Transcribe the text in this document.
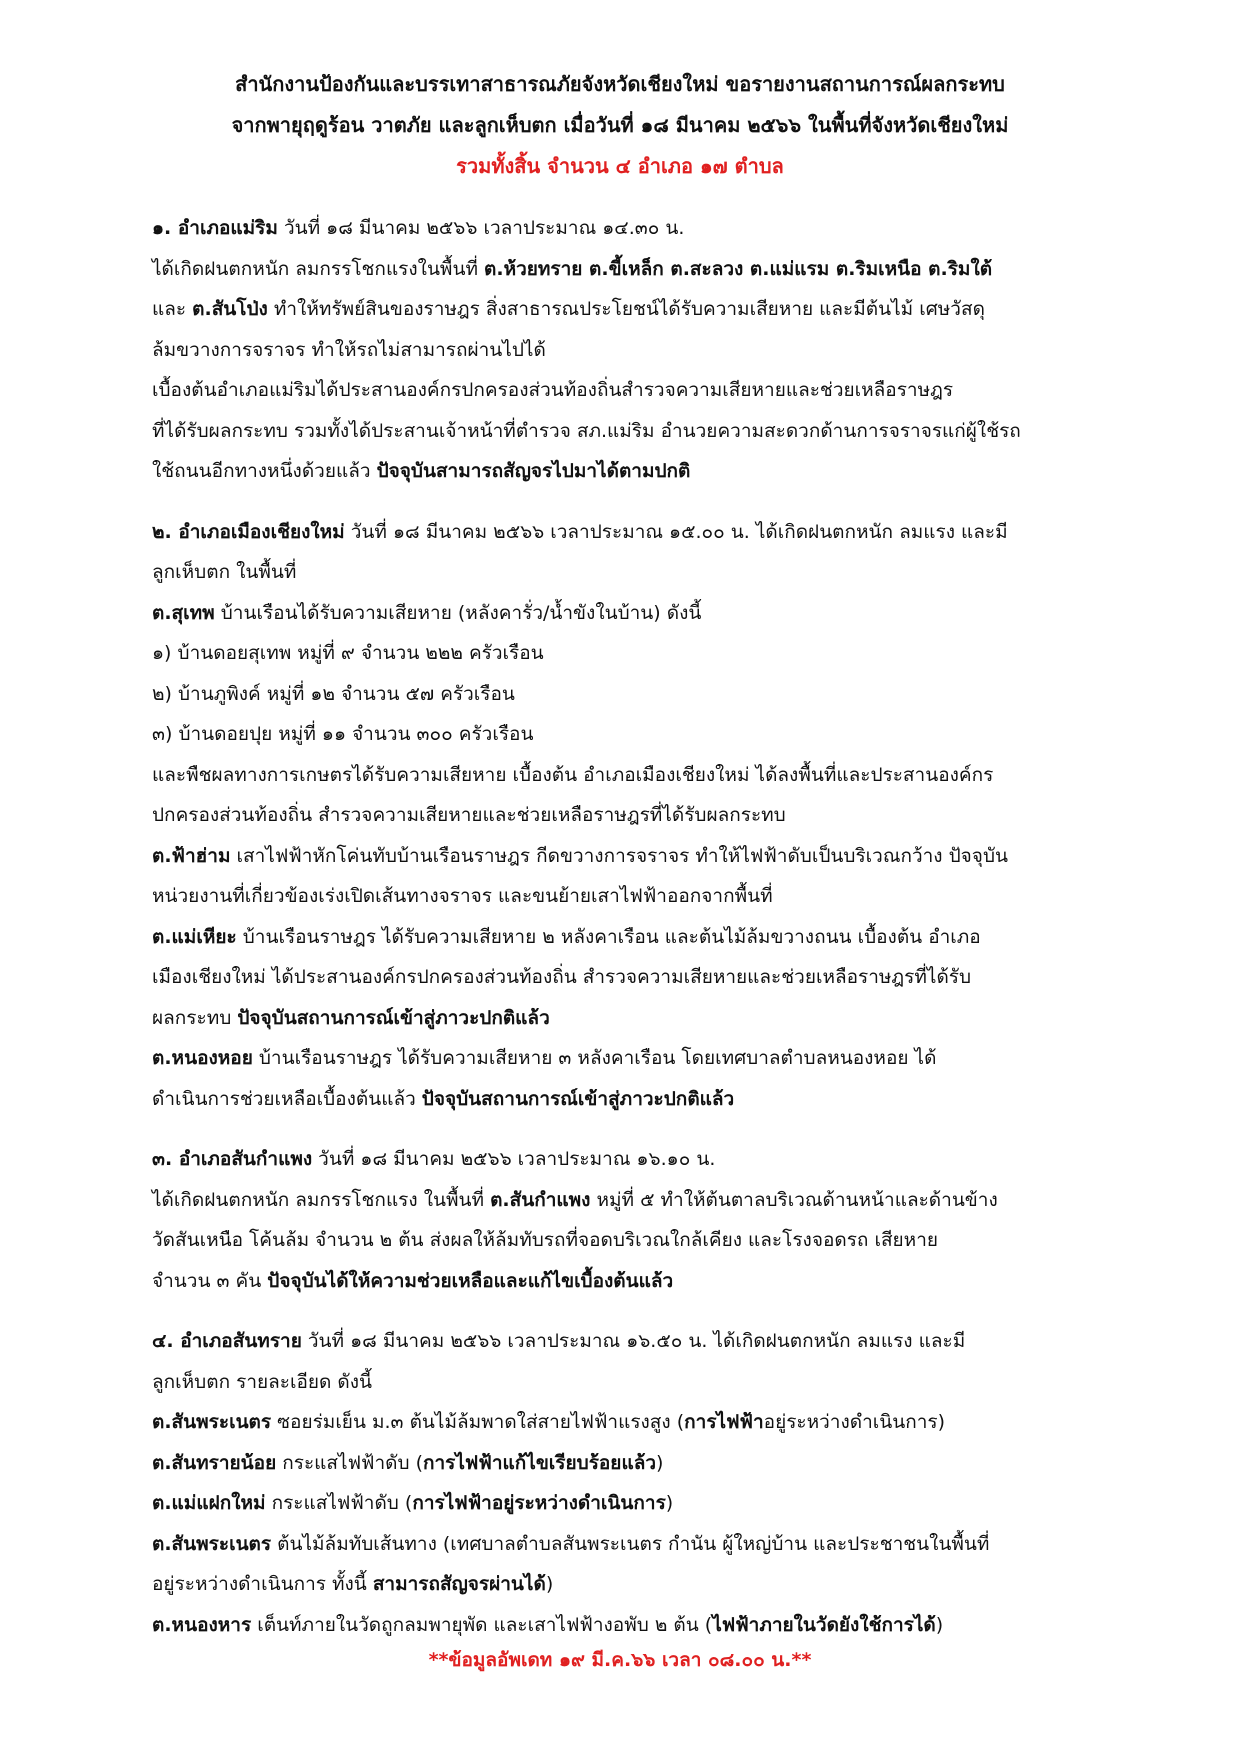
สำนักงานป้องกันและบรรเทาสาธารณภัยจังหวัดเชียงใหม่ ขอรายงานสถานการณ์ผลกระทบ
จากพายุฤดูร้อน วาตภัย และลูกเห็บตก เมื่อวันที่ ๑๘ มีนาคม ๒๕๖๖ ในพื้นที่จังหวัดเชียงใหม่
รวมทั้งสิ้น จำนวน ๔ อำเภอ ๑๗ ตำบล
๑. อำเภอแม่ริม วันที่ ๑๘ มีนาคม ๒๕๖๖ เวลาประมาณ ๑๔.๓๐ น.
ได้เกิดฝนตกหนัก ลมกรรโชกแรงในพื้นที่ ต.ห้วยทราย ต.ขี้เหล็ก ต.สะลวง ต.แม่แรม ต.ริมเหนือ ต.ริมใต้
และ ต.สันโป่ง ทำให้ทรัพย์สินของราษฎร สิ่งสาธารณประโยชน์ได้รับความเสียหาย และมีต้นไม้ เศษวัสดุ
ล้มขวางการจราจร ทำให้รถไม่สามารถผ่านไปได้
เบื้องต้นอำเภอแม่ริมได้ประสานองค์กรปกครองส่วนท้องถิ่นสำรวจความเสียหายและช่วยเหลือราษฎร
ที่ได้รับผลกระทบ รวมทั้งได้ประสานเจ้าหน้าที่ตำรวจ สภ.แม่ริม อำนวยความสะดวกด้านการจราจรแก่ผู้ใช้รถ
ใช้ถนนอีกทางหนึ่งด้วยแล้ว ปัจจุบันสามารถสัญจรไปมาได้ตามปกติ
๒. อำเภอเมืองเชียงใหม่ วันที่ ๑๘ มีนาคม ๒๕๖๖ เวลาประมาณ ๑๕.๐๐ น. ได้เกิดฝนตกหนัก ลมแรง และมี
ลูกเห็บตก ในพื้นที่
ต.สุเทพ บ้านเรือนได้รับความเสียหาย (หลังคารั่ว/น้ำขังในบ้าน) ดังนี้
๑) บ้านดอยสุเทพ หมู่ที่ ๙ จำนวน ๒๒๒ ครัวเรือน
๒) บ้านภูพิงค์ หมู่ที่ ๑๒ จำนวน ๕๗ ครัวเรือน
๓) บ้านดอยปุย หมู่ที่ ๑๑ จำนวน ๓๐๐ ครัวเรือน
และพืชผลทางการเกษตรได้รับความเสียหาย เบื้องต้น อำเภอเมืองเชียงใหม่ ได้ลงพื้นที่และประสานองค์กร
ปกครองส่วนท้องถิ่น สำรวจความเสียหายและช่วยเหลือราษฎรที่ได้รับผลกระทบ
ต.ฟ้าฮ่าม เสาไฟฟ้าหักโค่นทับบ้านเรือนราษฎร กีดขวางการจราจร ทำให้ไฟฟ้าดับเป็นบริเวณกว้าง ปัจจุบัน
หน่วยงานที่เกี่ยวข้องเร่งเปิดเส้นทางจราจร และขนย้ายเสาไฟฟ้าออกจากพื้นที่
ต.แม่เหียะ บ้านเรือนราษฎร ได้รับความเสียหาย ๒ หลังคาเรือน และต้นไม้ล้มขวางถนน เบื้องต้น อำเภอ
เมืองเชียงใหม่ ได้ประสานองค์กรปกครองส่วนท้องถิ่น สำรวจความเสียหายและช่วยเหลือราษฎรที่ได้รับ
ผลกระทบ ปัจจุบันสถานการณ์เข้าสู่ภาวะปกติแล้ว
ต.หนองหอย บ้านเรือนราษฎร ได้รับความเสียหาย ๓ หลังคาเรือน โดยเทศบาลตำบลหนองหอย ได้
ดำเนินการช่วยเหลือเบื้องต้นแล้ว ปัจจุบันสถานการณ์เข้าสู่ภาวะปกติแล้ว
๓. อำเภอสันกำแพง วันที่ ๑๘ มีนาคม ๒๕๖๖ เวลาประมาณ ๑๖.๑๐ น.
ได้เกิดฝนตกหนัก ลมกรรโชกแรง ในพื้นที่ ต.สันกำแพง หมู่ที่ ๕ ทำให้ต้นตาลบริเวณด้านหน้าและด้านข้าง
วัดสันเหนือ โค้นล้ม จำนวน ๒ ต้น ส่งผลให้ล้มทับรถที่จอดบริเวณใกล้เคียง และโรงจอดรถ เสียหาย
จำนวน ๓ คัน ปัจจุบันได้ให้ความช่วยเหลือและแก้ไขเบื้องต้นแล้ว
๔. อำเภอสันทราย วันที่ ๑๘ มีนาคม ๒๕๖๖ เวลาประมาณ ๑๖.๕๐ น. ได้เกิดฝนตกหนัก ลมแรง และมี
ลูกเห็บตก รายละเอียด ดังนี้
ต.สันพระเนตร ซอยร่มเย็น ม.๓ ต้นไม้ล้มพาดใส่สายไฟฟ้าแรงสูง (การไฟฟ้าอยู่ระหว่างดำเนินการ)
ต.สันทรายน้อย กระแสไฟฟ้าดับ (การไฟฟ้าแก้ไขเรียบร้อยแล้ว)
ต.แม่แฝกใหม่ กระแสไฟฟ้าดับ (การไฟฟ้าอยู่ระหว่างดำเนินการ)
ต.สันพระเนตร ต้นไม้ล้มทับเส้นทาง (เทศบาลตำบลสันพระเนตร กำนัน ผู้ใหญ่บ้าน และประชาชนในพื้นที่
อยู่ระหว่างดำเนินการ ทั้งนี้ สามารถสัญจรผ่านได้)
ต.หนองหาร เต็นท์ภายในวัดถูกลมพายุพัด และเสาไฟฟ้างอพับ ๒ ต้น (ไฟฟ้าภายในวัดยังใช้การได้)
**ข้อมูลอัพเดท ๑๙ มี.ค.๖๖ เวลา ๐๘.๐๐ น.**
